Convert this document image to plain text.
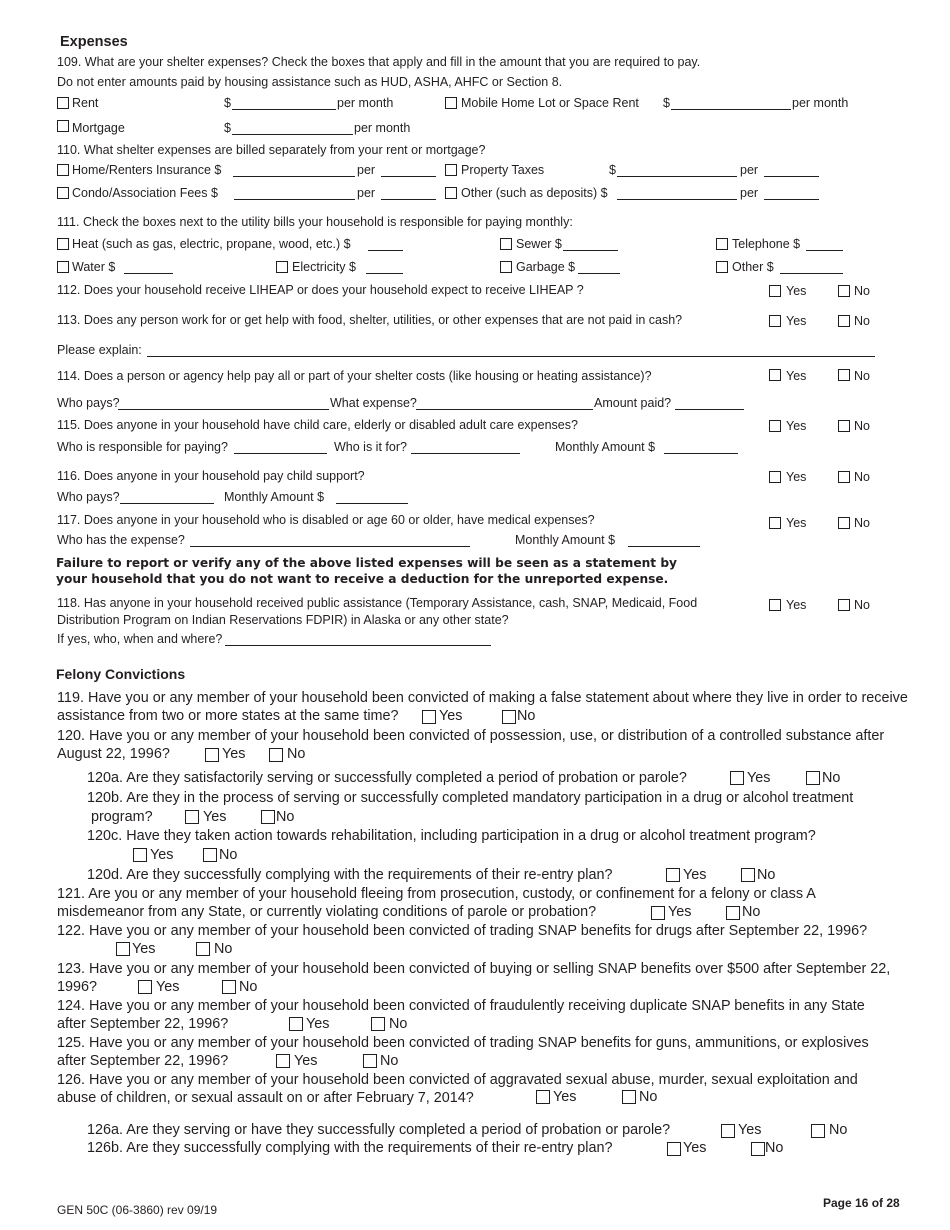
Expenses
109. What are your shelter expenses? Check the boxes that apply and fill in the amount that you are required to pay.
Do not enter amounts paid by housing assistance such as HUD, ASHA, AHFC or Section 8.
Rent	$	per month	Mobile Home Lot or Space Rent $	per month
Mortgage	$	per month
110. What shelter expenses are billed separately from your rent or mortgage?
Home/Renters Insurance $	per	Property Taxes	$	per
Condo/Association Fees $	per	Other (such as deposits) $	per
111. Check the boxes next to the utility bills your household is responsible for paying monthly:
Heat (such as gas, electric, propane, wood, etc.) $	Sewer $	Telephone $
Water $	Electricity $	Garbage $	Other $
112. Does your household receive LIHEAP or does your household expect to receive LIHEAP ?	Yes	No
113. Does any person work for or get help with food, shelter, utilities, or other expenses that are not paid in cash?	Yes	No
Please explain:
114. Does a person or agency help pay all or part of your shelter costs (like housing or heating assistance)?	Yes	No
Who pays?	What expense?	Amount paid?
115. Does anyone in your household have child care, elderly or disabled adult care expenses?	Yes	No
Who is responsible for paying?	Who is it for?	Monthly Amount $
116. Does anyone in your household pay child support?	Yes	No
Who pays?	Monthly Amount $
117. Does anyone in your household who is disabled or age 60 or older, have medical expenses?	Yes	No
Who has the expense?	Monthly Amount $
Failure to report or verify any of the above listed expenses will be seen as a statement by
your household that you do not want to receive a deduction for the unreported expense.
118. Has anyone in your household received public assistance (Temporary Assistance, cash, SNAP, Medicaid, Food	Yes	No
Distribution Program on Indian Reservations FDPIR) in Alaska or any other state?
If yes, who, when and where?
Felony Convictions
119. Have you or any member of your household been convicted of making a false statement about where they live in order to receive
assistance from two or more states at the same time?	Yes	No
120. Have you or any member of your household been convicted of possession, use, or distribution of a controlled substance after
August 22, 1996?	Yes	No
120a. Are they satisfactorily serving or successfully completed a period of probation or parole?	Yes	No
120b. Are they in the process of serving or successfully completed mandatory participation in a drug or alcohol treatment
program?	Yes	No
120c. Have they taken action towards rehabilitation, including participation in a drug or alcohol treatment program?
Yes	No
120d. Are they successfully complying with the requirements of their re-entry plan?	Yes	No
121. Are you or any member of your household fleeing from prosecution, custody, or confinement for a felony or class A
misdemeanor from any State, or currently violating conditions of parole or probation?	Yes	No
122. Have you or any member of your household been convicted of trading SNAP benefits for drugs after September 22, 1996?
Yes	No
123. Have you or any member of your household been convicted of buying or selling SNAP benefits over $500 after September 22,
1996?	Yes	No
124. Have you or any member of your household been convicted of fraudulently receiving duplicate SNAP benefits in any State
after September 22, 1996?	Yes	No
125. Have you or any member of your household been convicted of trading SNAP benefits for guns, ammunitions, or explosives
after September 22, 1996?	Yes	No
126. Have you or any member of your household been convicted of aggravated sexual abuse, murder, sexual exploitation and
abuse of children, or sexual assault on or after February 7, 2014?	Yes	No
126a. Are they serving or have they successfully completed a period of probation or parole?	Yes	No
126b. Are they successfully complying with the requirements of their re-entry plan?	Yes	No
GEN 50C (06-3860) rev 09/19	Page 16 of 28
